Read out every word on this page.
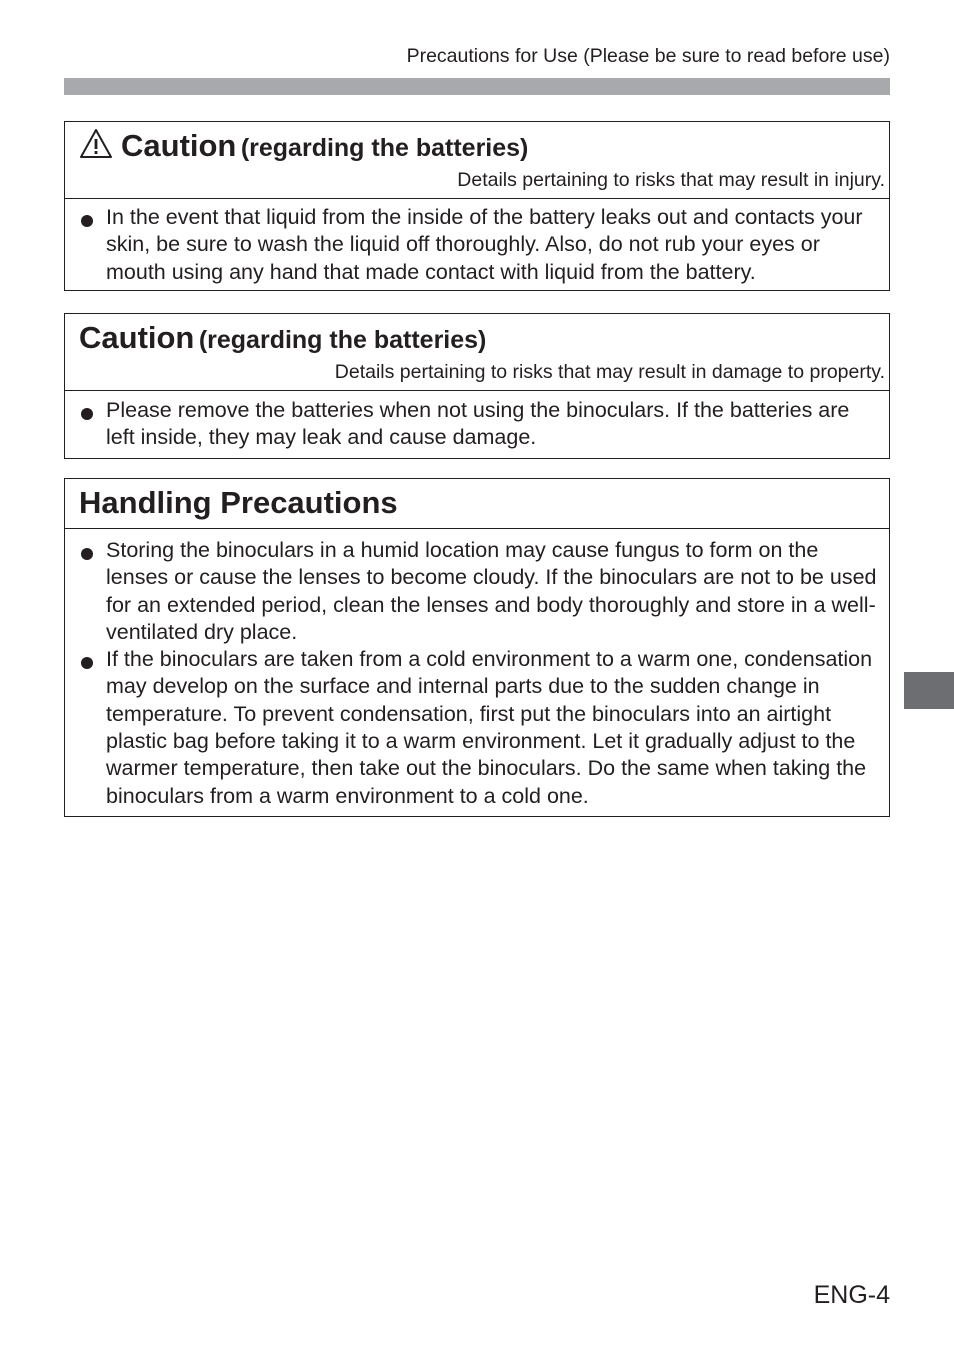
Precautions for Use (Please be sure to read before use)
Caution (regarding the batteries)
Details pertaining to risks that may result in injury.
In the event that liquid from the inside of the battery leaks out and contacts your skin, be sure to wash the liquid off thoroughly. Also, do not rub your eyes or mouth using any hand that made contact with liquid from the battery.
Caution (regarding the batteries)
Details pertaining to risks that may result in damage to property.
Please remove the batteries when not using the binoculars. If the batteries are left inside, they may leak and cause damage.
Handling Precautions
Storing the binoculars in a humid location may cause fungus to form on the lenses or cause the lenses to become cloudy. If the binoculars are not to be used for an extended period, clean the lenses and body thoroughly and store in a well-ventilated dry place.
If the binoculars are taken from a cold environment to a warm one, condensation may develop on the surface and internal parts due to the sudden change in temperature. To prevent condensation, first put the binoculars into an airtight plastic bag before taking it to a warm environment. Let it gradually adjust to the warmer temperature, then take out the binoculars. Do the same when taking the binoculars from a warm environment to a cold one.
ENG-4
